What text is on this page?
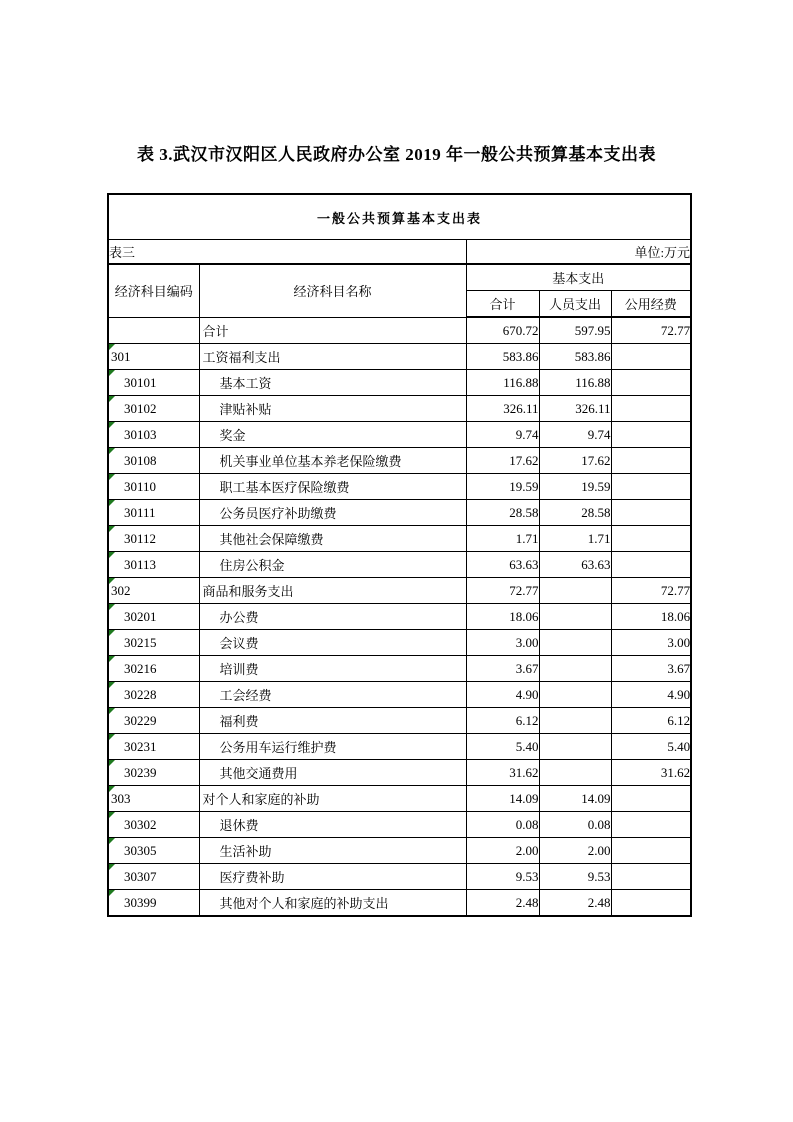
表 3.武汉市汉阳区人民政府办公室 2019 年一般公共预算基本支出表
一般公共预算基本支出表				
表三		单位:万元		
经济科目编码	经济科目名称	基本支出		
		合计	人员支出	公用经费
	合计	670.72	597.95	72.77

301	工资福利支出	583.86	583.86	

30101	基本工资	116.88	116.88	

30102	津贴补贴	326.11	326.11	

30103	奖金	9.74	9.74	

30108	机关事业单位基本养老保险缴费	17.62	17.62	

30110	职工基本医疗保险缴费	19.59	19.59	

30111	公务员医疗补助缴费	28.58	28.58	

30112	其他社会保障缴费	1.71	1.71	

30113	住房公积金	63.63	63.63	

302	商品和服务支出	72.77		72.77

30201	办公费	18.06		18.06

30215	会议费	3.00		3.00

30216	培训费	3.67		3.67

30228	工会经费	4.90		4.90

30229	福利费	6.12		6.12

30231	公务用车运行维护费	5.40		5.40

30239	其他交通费用	31.62		31.62

303	对个人和家庭的补助	14.09	14.09	

30302	退休费	0.08	0.08	

30305	生活补助	2.00	2.00	

30307	医疗费补助	9.53	9.53	

30399	其他对个人和家庭的补助支出	2.48	2.48	
